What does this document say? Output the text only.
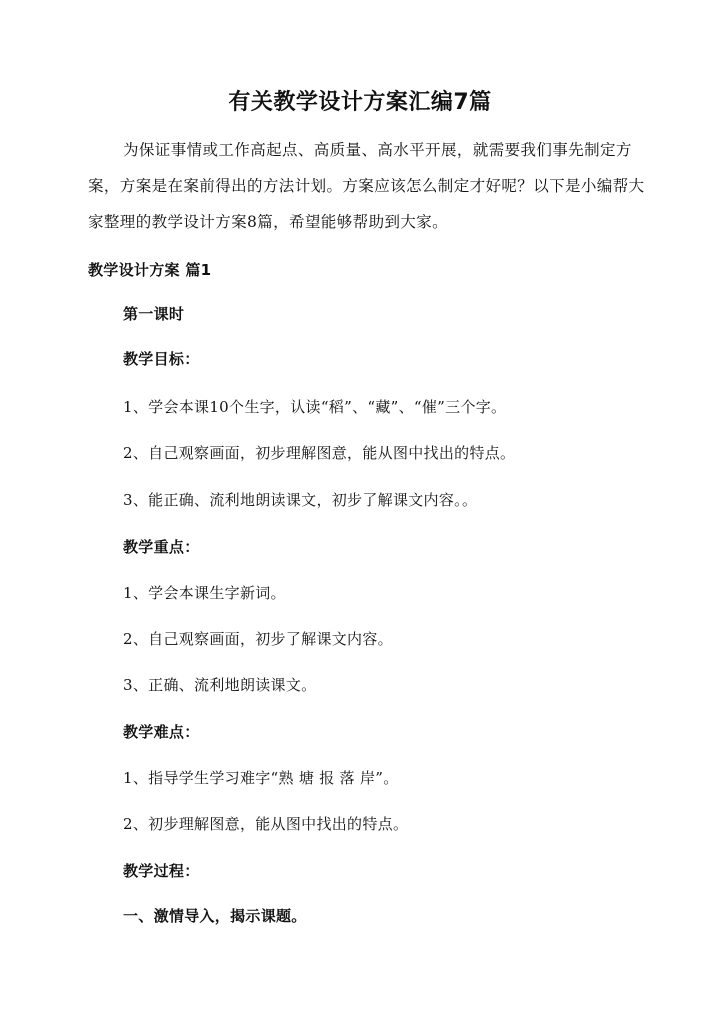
有关教学设计方案汇编7篇

为保证事情或工作高起点、高质量、高水平开展，就需要我们事先制定方案，方案是在案前得出的方法计划。方案应该怎么制定才好呢？以下是小编帮大家整理的教学设计方案8篇，希望能够帮助到大家。

教学设计方案 篇1

第一课时

教学目标：

1、学会本课10个生字，认读“稻”、“藏”、“催”三个字。

2、自己观察画面，初步理解图意，能从图中找出的特点。

3、能正确、流利地朗读课文，初步了解课文内容。。

教学重点：

1、学会本课生字新词。

2、自己观察画面，初步了解课文内容。

3、正确、流利地朗读课文。

教学难点：

1、指导学生学习难字“熟 塘 报 落 岸”。

2、初步理解图意，能从图中找出的特点。

教学过程：

一、激情导入，揭示课题。
